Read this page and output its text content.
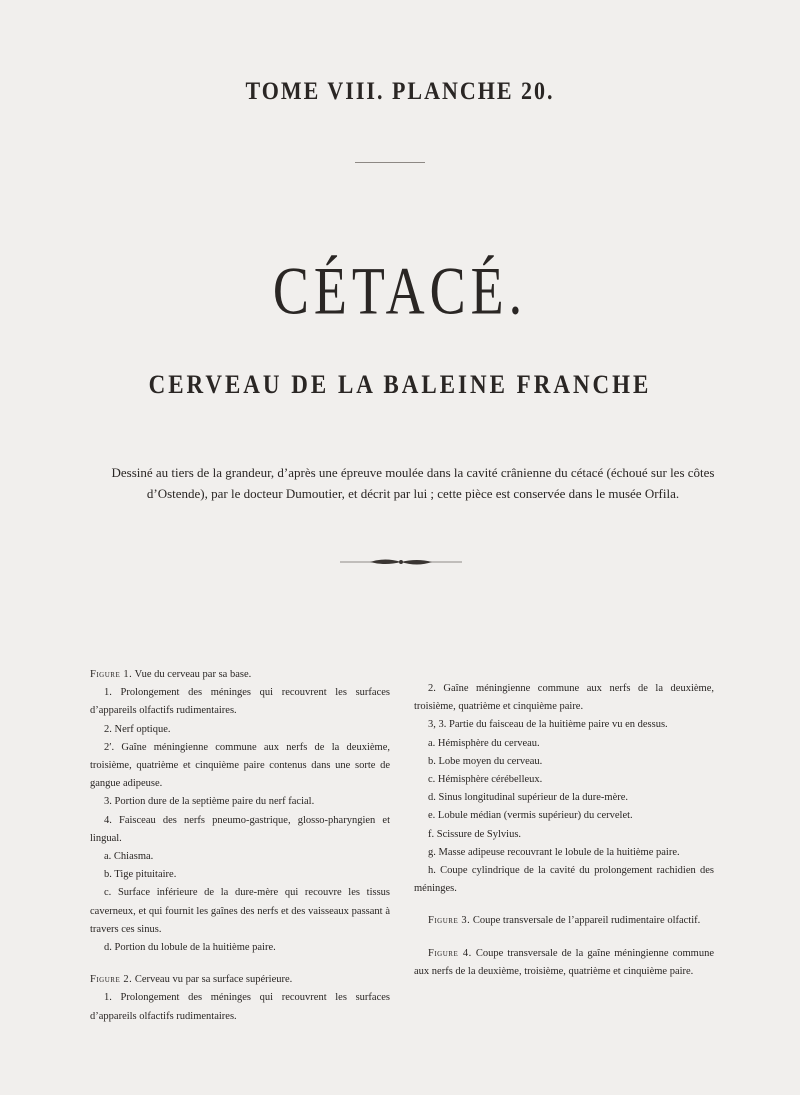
TOME VIII. PLANCHE 20.
CÉTACÉ.
CERVEAU DE LA BALEINE FRANCHE
Dessiné au tiers de la grandeur, d’après une épreuve moulée dans la cavité crânienne du cétacé (échoué sur les côtes d’Ostende), par le docteur Dumoutier, et décrit par lui ; cette pièce est conservée dans le musée Orfila.

Figure 1. Vue du cerveau par sa base.

1. Prolongement des méninges qui recouvrent les surfaces d’appareils olfactifs rudimentaires.

2. Nerf optique.

2′. Gaîne méningienne commune aux nerfs de la deuxième, troisième, quatrième et cinquième paire contenus dans une sorte de gangue adipeuse.

3. Portion dure de la septième paire du nerf facial.

4. Faisceau des nerfs pneumo-gastrique, glosso-pharyngien et lingual.

a. Chiasma.

b. Tige pituitaire.

c. Surface inférieure de la dure-mère qui recouvre les tissus caverneux, et qui fournit les gaînes des nerfs et des vaisseaux passant à travers ces sinus.

d. Portion du lobule de la huitième paire.

Figure 2. Cerveau vu par sa surface supérieure.

1. Prolongement des méninges qui recouvrent les surfaces d’appareils olfactifs rudimentaires.

2. Gaîne méningienne commune aux nerfs de la deuxième, troisième, quatrième et cinquième paire.

3, 3. Partie du faisceau de la huitième paire vu en dessus.

a. Hémisphère du cerveau.

b. Lobe moyen du cerveau.

c. Hémisphère cérébelleux.

d. Sinus longitudinal supérieur de la dure-mère.

e. Lobule médian (vermis supérieur) du cervelet.

f. Scissure de Sylvius.

g. Masse adipeuse recouvrant le lobule de la huitième paire.

h. Coupe cylindrique de la cavité du prolongement rachidien des méninges.

Figure 3. Coupe transversale de l’appareil rudimentaire olfactif.

Figure 4. Coupe transversale de la gaîne méningienne commune aux nerfs de la deuxième, troisième, quatrième et cinquième paire.
